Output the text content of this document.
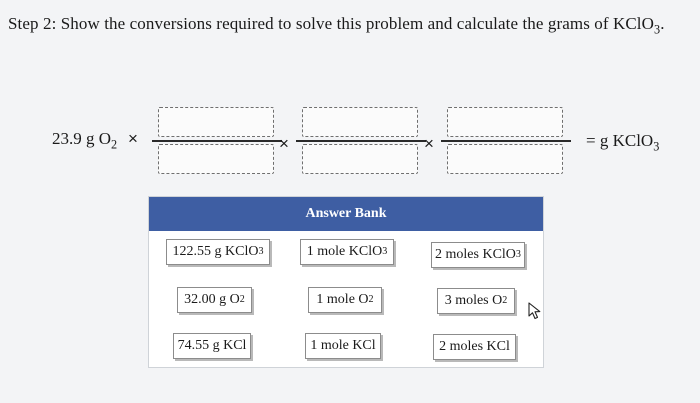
Step 2: Show the conversions required to solve this problem and calculate the grams of KClO$_3$.
23.9 g $O_2$ ×	×	×	= g KClO$_3$
Answer Bank
122.55 g KClO 3	1 mole KClO 3	2 moles KClO 3
32.00 g O 2	1 mole O 2	3 moles O 2
74.55 g KCl	1 mole KCl	2 moles KCl
